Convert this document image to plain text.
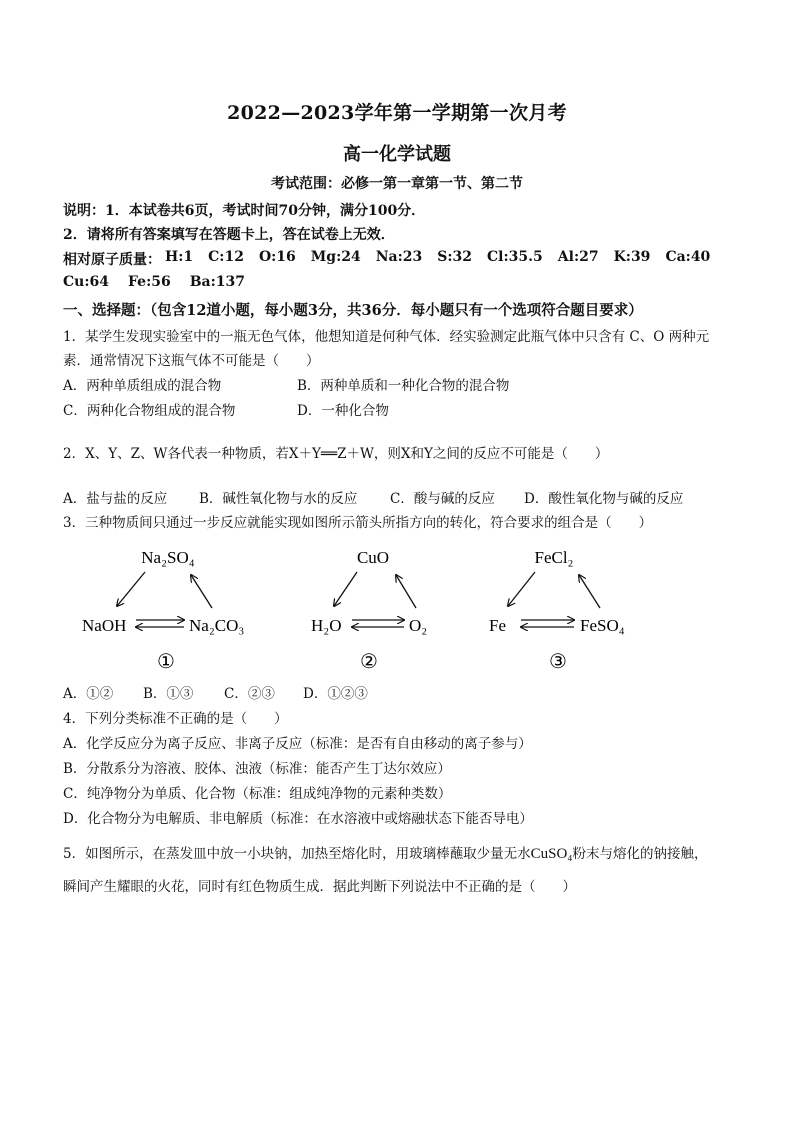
2022—2023学年第一学期第一次月考
高一化学试题
考试范围：必修一第一章第一节、第二节
说明：1．本试卷共6页，考试时间70分钟，满分100分．
2．请将所有答案填写在答题卡上，答在试卷上无效．
相对原子质量： H:1 C:12 O:16 Mg:24 Na:23 S:32 Cl:35.5 Al:27 K:39 Ca:40
Cu:64 Fe:56 Ba:137
一、选择题：（包含12道小题，每小题3分，共36分．每小题只有一个选项符合题目要求）
1．某学生发现实验室中的一瓶无色气体，他想知道是何种气体．经实验测定此瓶气体中只含有 C、O 两种元
素．通常情况下这瓶气体不可能是（　　）
A．两种单质组成的混合物	B．两种单质和一种化合物的混合物
C．两种化合物组成的混合物	D．一种化合物
2．X、Y、Z、W各代表一种物质，若X＋Y══Z＋W，则X和Y之间的反应不可能是（　　）
A．盐与盐的反应 B．碱性氧化物与水的反应 C．酸与碱的反应 D．酸性氧化物与碱的反应
3．三种物质间只通过一步反应就能实现如图所示箭头所指方向的转化，符合要求的组合是（　　）
Na₂SO₄
NaOH	Na₂CO₃
①
CuO
H₂O	O₂
②
FeCl₂
Fe	FeSO₄
③
A．①② B．①③ C．②③ D．①②③
4．下列分类标准不正确的是（　　）
A．化学反应分为离子反应、非离子反应（标准：是否有自由移动的离子参与）
B．分散系分为溶液、胶体、浊液（标准：能否产生丁达尔效应）
C．纯净物分为单质、化合物（标准：组成纯净物的元素种类数）
D．化合物分为电解质、非电解质（标准：在水溶液中或熔融状态下能否导电）
5．如图所示，在蒸发皿中放一小块钠，加热至熔化时，用玻璃棒蘸取少量无水CuSO₄粉末与熔化的钠接触，
瞬间产生耀眼的火花，同时有红色物质生成．据此判断下列说法中不正确的是（　　）
